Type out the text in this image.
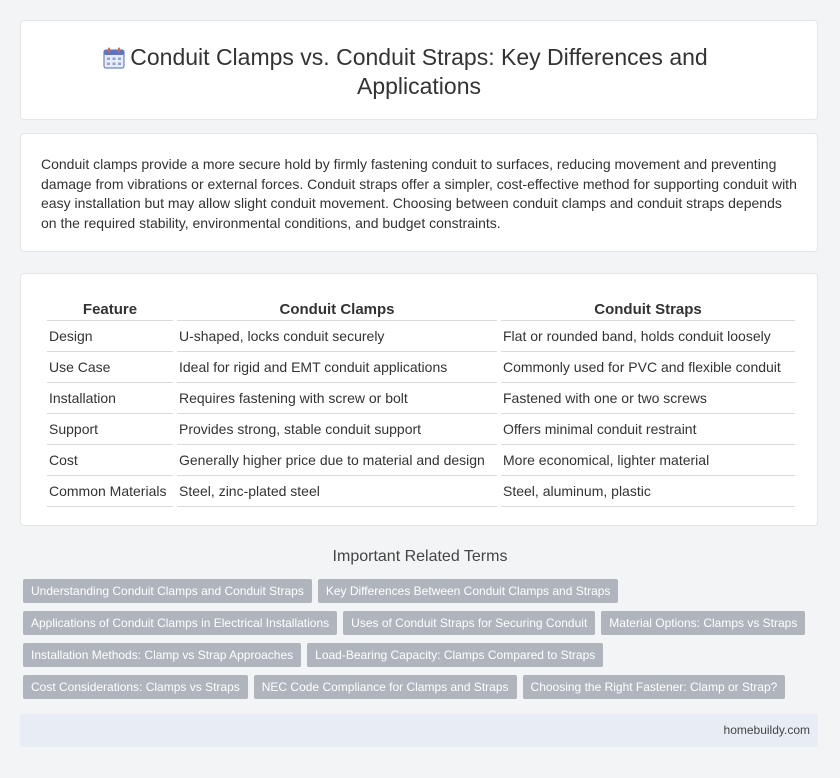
Conduit Clamps vs. Conduit Straps: Key Differences and Applications

Conduit clamps provide a more secure hold by firmly fastening conduit to surfaces, reducing movement and preventing damage from vibrations or external forces. Conduit straps offer a simpler, cost-effective method for supporting conduit with easy installation but may allow slight conduit movement. Choosing between conduit clamps and conduit straps depends on the required stability, environmental conditions, and budget constraints.

Feature	Conduit Clamps	Conduit Straps
Design	U-shaped, locks conduit securely	Flat or rounded band, holds conduit loosely
Use Case	Ideal for rigid and EMT conduit applications	Commonly used for PVC and flexible conduit
Installation	Requires fastening with screw or bolt	Fastened with one or two screws
Support	Provides strong, stable conduit support	Offers minimal conduit restraint
Cost	Generally higher price due to material and design	More economical, lighter material
Common Materials	Steel, zinc-plated steel	Steel, aluminum, plastic
Important Related Terms
Understanding Conduit Clamps and Conduit Straps Key Differences Between Conduit Clamps and Straps
Applications of Conduit Clamps in Electrical Installations Uses of Conduit Straps for Securing Conduit Material Options: Clamps vs Straps
Installation Methods: Clamp vs Strap Approaches Load-Bearing Capacity: Clamps Compared to Straps
Cost Considerations: Clamps vs Straps NEC Code Compliance for Clamps and Straps Choosing the Right Fastener: Clamp or Strap?
homebuildy.com
